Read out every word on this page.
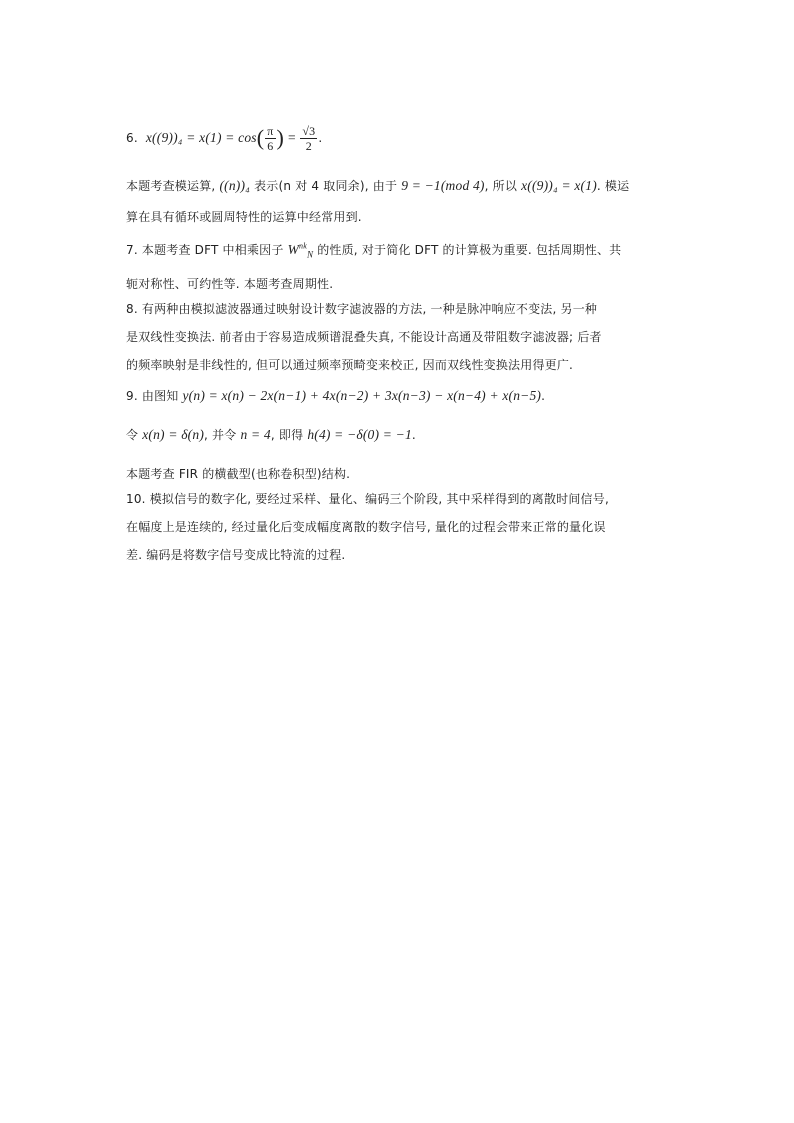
6. x((9))₄ = x(1) = cos ( $\frac{\pi}{6}$ ) = $\frac{√3}{2}$ .
本题考查模运算, ((n))₄ 表示(n 对 4 取同余), 由于 9 = −1(mod 4), 所以 x((9))₄ = x(1). 模运
算在具有循环或圆周特性的运算中经常用到.
7. 本题考查 DFT 中相乘因子 $W^{nk}_N$ 的性质, 对于简化 DFT 的计算极为重要. 包括周期性、共
轭对称性、可约性等. 本题考查周期性.
8. 有两种由模拟滤波器通过映射设计数字滤波器的方法, 一种是脉冲响应不变法, 另一种
是双线性变换法. 前者由于容易造成频谱混叠失真, 不能设计高通及带阻数字滤波器; 后者
的频率映射是非线性的, 但可以通过频率预畸变来校正, 因而双线性变换法用得更广.
9. 由图知 y(n) = x(n) − 2x(n−1) + 4x(n−2) + 3x(n−3) − x(n−4) + x(n−5).
令 x(n) = δ(n), 并令 n = 4, 即得 h(4) = −δ(0) = −1.
本题考查 FIR 的横截型(也称卷积型)结构.
10. 模拟信号的数字化, 要经过采样、量化、编码三个阶段, 其中采样得到的离散时间信号,
在幅度上是连续的, 经过量化后变成幅度离散的数字信号, 量化的过程会带来正常的量化误
差. 编码是将数字信号变成比特流的过程.
